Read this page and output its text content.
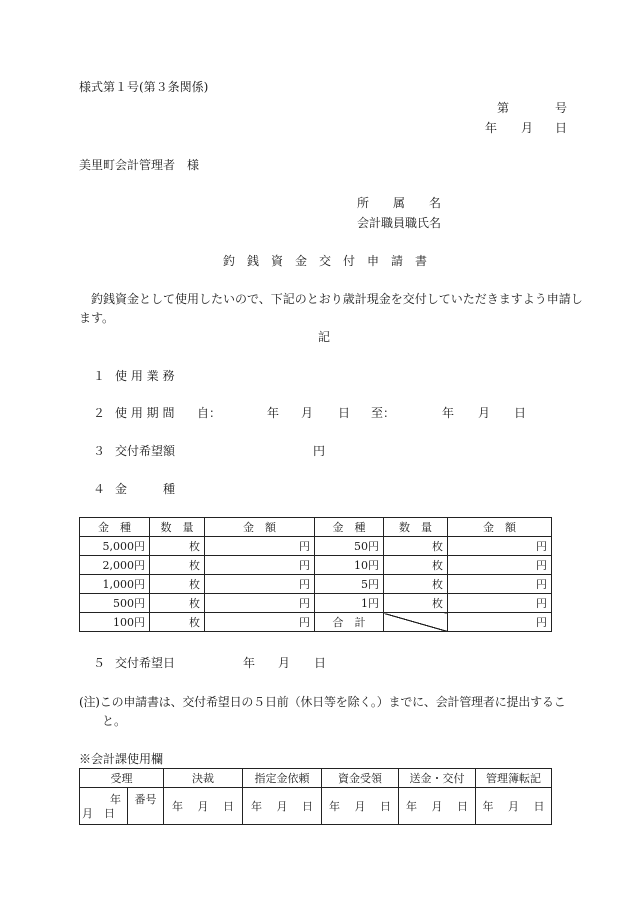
様式第１号(第３条関係)
第	号
年 月 日
美里町会計管理者　様
所　　属　　名
会計職員職氏名
釣　銭　資　金　交　付　申　請　書
　釣銭資金として使用したいので、下記のとおり歳計現金を交付していただきますよう申請し
ます。
記
１ 使 用 業 務
２ 使 用 期 間 自：	年 月 日 至：	年 月 日
３ 交付希望額	円
４ 金　　　種
金　種	数　量	金　額	金　種	数　量	金　額
5,000円	枚	円	50円	枚	円
2,000円	枚	円	10円	枚	円
1,000円	枚	円	5円	枚	円
500円	枚	円	1円	枚	円
100円	枚	円	合　計		円
５ 交付希望日	年 月 日
(注)この申請書は、交付希望日の５日前（休日等を除く。）までに、会計管理者に提出するこ
と。
※会計課使用欄
受理		決裁	指定金依頼	資金受領	送金・交付	管理簿転記

年
月　日	番号	年　 月　 日	年　 月　 日	年　 月　 日	年　 月　 日	年　 月　 日
